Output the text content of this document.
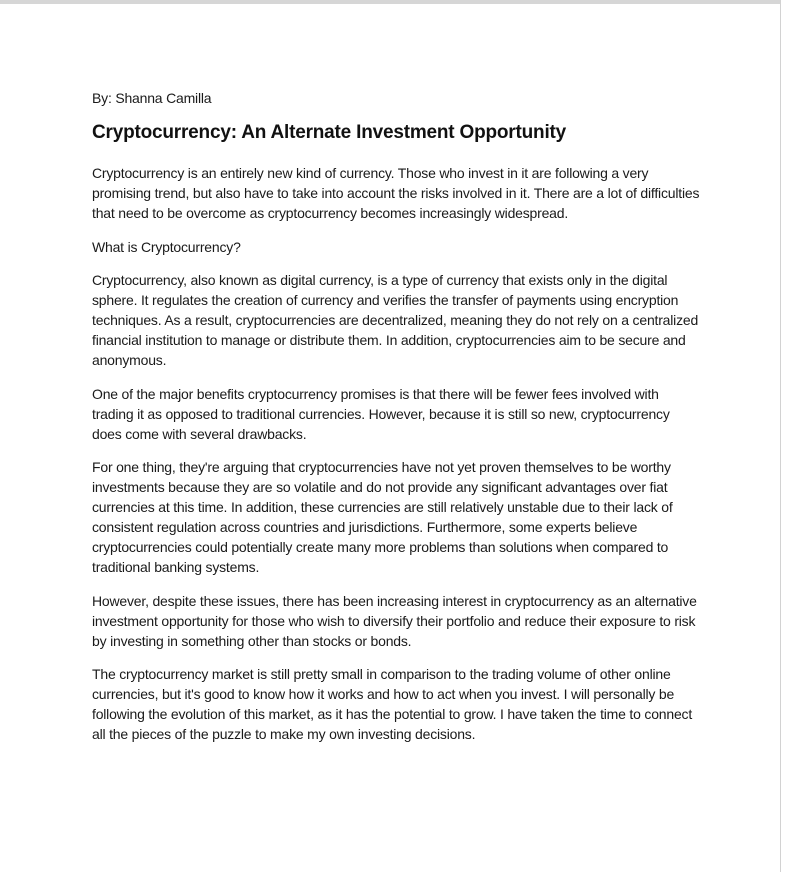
By: Shanna Camilla

Cryptocurrency: An Alternate Investment Opportunity

Cryptocurrency is an entirely new kind of currency. Those who invest in it are following a very promising trend, but also have to take into account the risks involved in it. There are a lot of difficulties that need to be overcome as cryptocurrency becomes increasingly widespread.

What is Cryptocurrency?

Cryptocurrency, also known as digital currency, is a type of currency that exists only in the digital sphere. It regulates the creation of currency and verifies the transfer of payments using encryption techniques. As a result, cryptocurrencies are decentralized, meaning they do not rely on a centralized financial institution to manage or distribute them. In addition, cryptocurrencies aim to be secure and anonymous.

One of the major benefits cryptocurrency promises is that there will be fewer fees involved with trading it as opposed to traditional currencies. However, because it is still so new, cryptocurrency does come with several drawbacks.

For one thing, they're arguing that cryptocurrencies have not yet proven themselves to be worthy investments because they are so volatile and do not provide any significant advantages over fiat currencies at this time. In addition, these currencies are still relatively unstable due to their lack of consistent regulation across countries and jurisdictions. Furthermore, some experts believe cryptocurrencies could potentially create many more problems than solutions when compared to traditional banking systems.

However, despite these issues, there has been increasing interest in cryptocurrency as an alternative investment opportunity for those who wish to diversify their portfolio and reduce their exposure to risk by investing in something other than stocks or bonds.

The cryptocurrency market is still pretty small in comparison to the trading volume of other online currencies, but it's good to know how it works and how to act when you invest. I will personally be following the evolution of this market, as it has the potential to grow. I have taken the time to connect all the pieces of the puzzle to make my own investing decisions.
